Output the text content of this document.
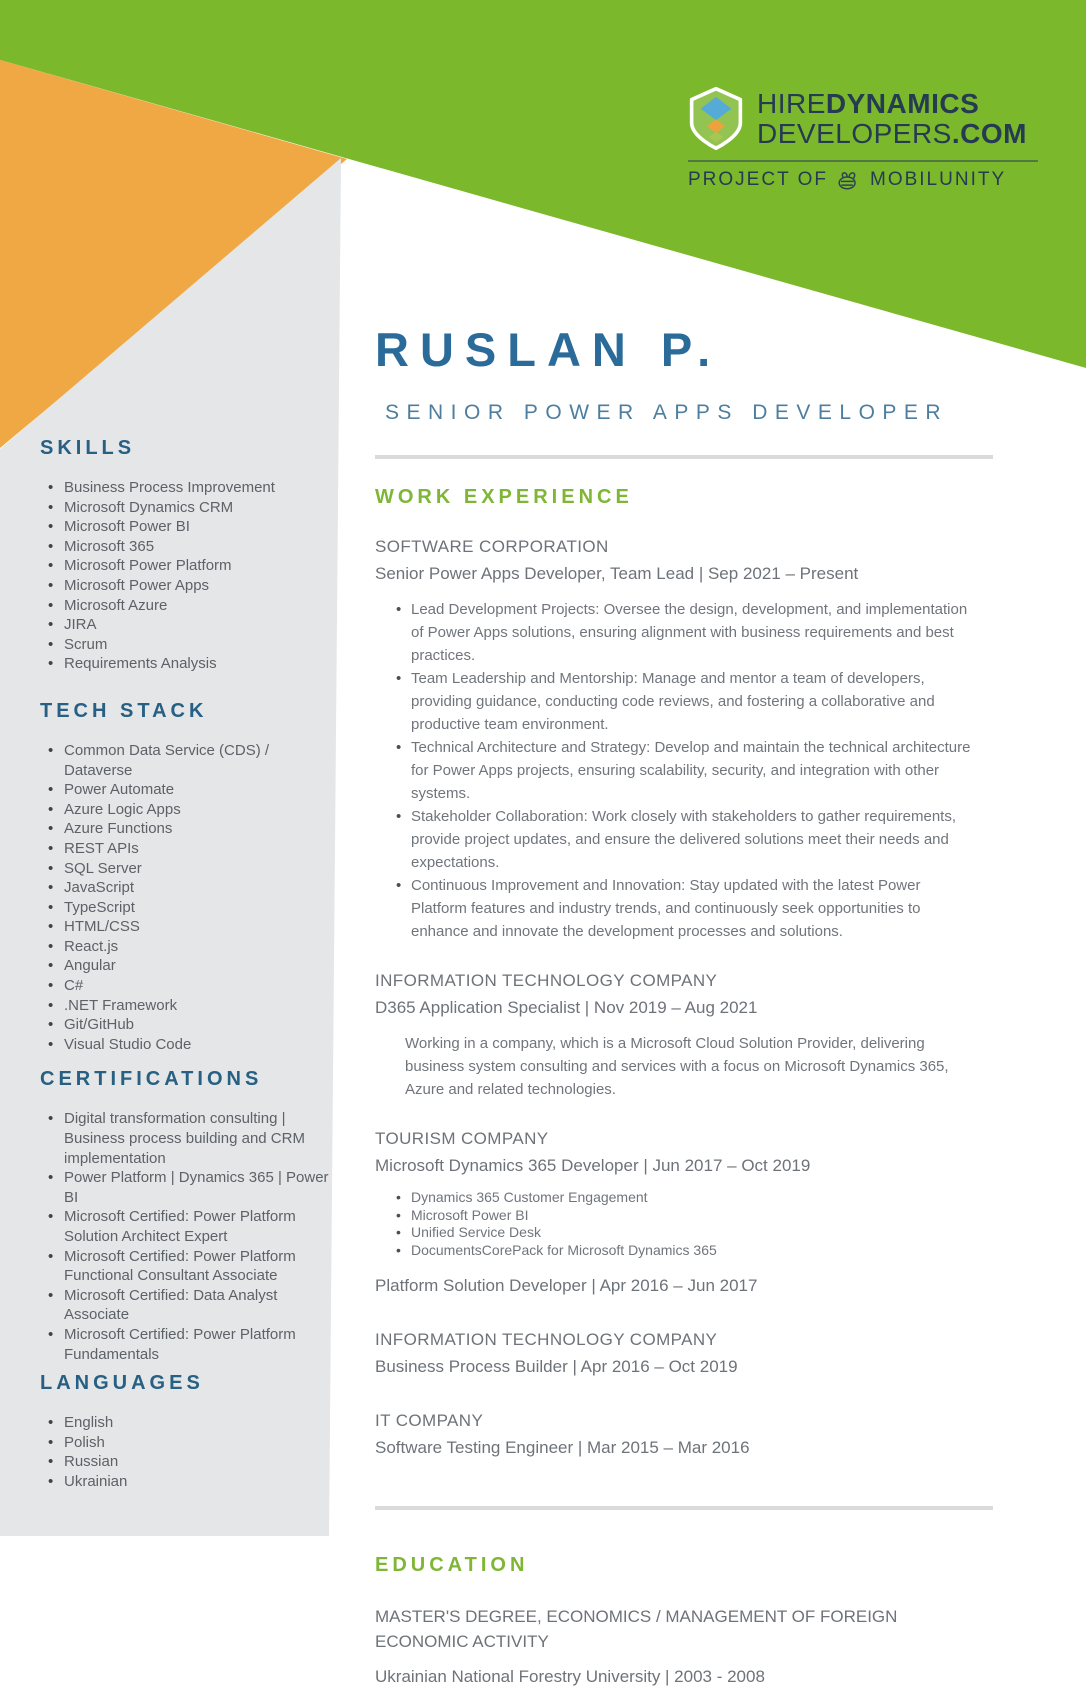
HIREDYNAMICS
DEVELOPERS.COM
PROJECT OF MOBILUNITY
SKILLS
• Business Process Improvement
• Microsoft Dynamics CRM
• Microsoft Power BI
• Microsoft 365
• Microsoft Power Platform
• Microsoft Power Apps
• Microsoft Azure
• JIRA
• Scrum
• Requirements Analysis
TECH STACK
• Common Data Service (CDS) / Dataverse
• Power Automate
• Azure Logic Apps
• Azure Functions
• REST APIs
• SQL Server
• JavaScript
• TypeScript
• HTML/CSS
• React.js
• Angular
• C#
• .NET Framework
• Git/GitHub
• Visual Studio Code
CERTIFICATIONS
• Digital transformation consulting | Business process building and CRM implementation
• Power Platform | Dynamics 365 | Power BI
• Microsoft Certified: Power Platform Solution Architect Expert
• Microsoft Certified: Power Platform Functional Consultant Associate
• Microsoft Certified: Data Analyst Associate
• Microsoft Certified: Power Platform Fundamentals
LANGUAGES
• English
• Polish
• Russian
• Ukrainian
RUSLAN P.
SENIOR POWER APPS DEVELOPER
WORK EXPERIENCE
SOFTWARE CORPORATION
Senior Power Apps Developer, Team Lead | Sep 2021 – Present
• Lead Development Projects: Oversee the design, development, and implementation of Power Apps solutions, ensuring alignment with business requirements and best practices.
• Team Leadership and Mentorship: Manage and mentor a team of developers, providing guidance, conducting code reviews, and fostering a collaborative and productive team environment.
• Technical Architecture and Strategy: Develop and maintain the technical architecture for Power Apps projects, ensuring scalability, security, and integration with other systems.
• Stakeholder Collaboration: Work closely with stakeholders to gather requirements, provide project updates, and ensure the delivered solutions meet their needs and expectations.
• Continuous Improvement and Innovation: Stay updated with the latest Power Platform features and industry trends, and continuously seek opportunities to enhance and innovate the development processes and solutions.
INFORMATION TECHNOLOGY COMPANY
D365 Application Specialist | Nov 2019 – Aug 2021

Working in a company, which is a Microsoft Cloud Solution Provider, delivering business system consulting and services with a focus on Microsoft Dynamics 365, Azure and related technologies.

TOURISM COMPANY
Microsoft Dynamics 365 Developer | Jun 2017 – Oct 2019
• Dynamics 365 Customer Engagement
• Microsoft Power BI
• Unified Service Desk
• DocumentsCorePack for Microsoft Dynamics 365
Platform Solution Developer | Apr 2016 – Jun 2017
INFORMATION TECHNOLOGY COMPANY
Business Process Builder | Apr 2016 – Oct 2019
IT COMPANY
Software Testing Engineer | Mar 2015 – Mar 2016
EDUCATION
MASTER'S DEGREE, ECONOMICS / MANAGEMENT OF FOREIGN ECONOMIC ACTIVITY
Ukrainian National Forestry University | 2003 - 2008
